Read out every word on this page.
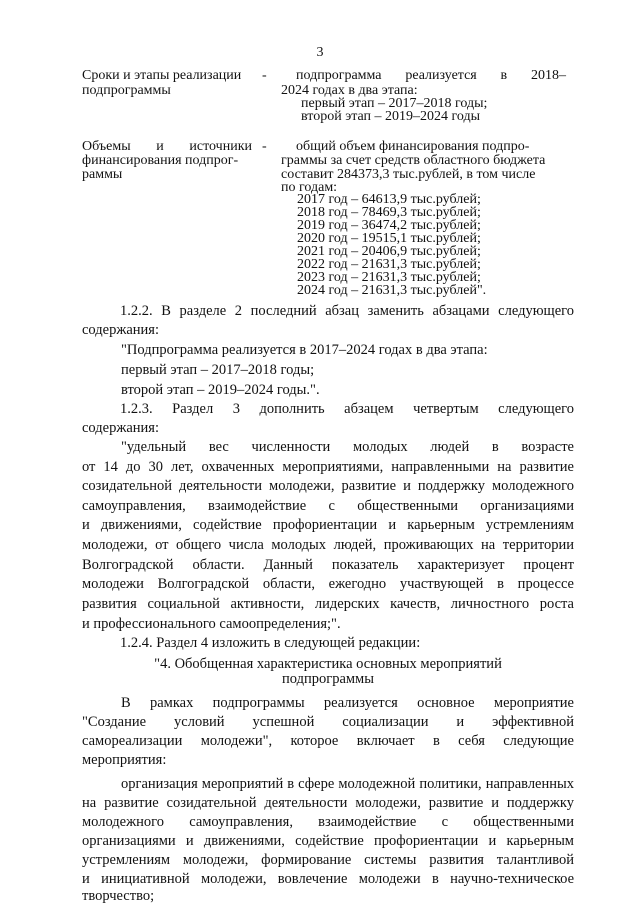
3
Сроки и этапы реализации
подпрограммы
- подпрограмма реализуется в 2018–
2024 годах в два этапа:
первый этап – 2017–2018 годы;
второй этап – 2019–2024 годы
Объемы и источники
финансирования подпрог-
раммы
- общий объем финансирования подпро-
граммы за счет средств областного бюджета
составит 284373,3 тыс.рублей, в том числе
по годам:
2017 год – 64613,9 тыс.рублей;
2018 год – 78469,3 тыс.рублей;
2019 год – 36474,2 тыс.рублей;
2020 год – 19515,1 тыс.рублей;
2021 год – 20406,9 тыс.рублей;
2022 год – 21631,3 тыс.рублей;
2023 год – 21631,3 тыс.рублей;
2024 год – 21631,3 тыс.рублей".
1.2.2. В разделе 2 последний абзац заменить абзацами следующего
содержания:
"Подпрограмма реализуется в 2017–2024 годах в два этапа:
первый этап – 2017–2018 годы;
второй этап – 2019–2024 годы.".
1.2.3. Раздел 3 дополнить абзацем четвертым следующего
содержания:
"удельный вес численности молодых людей в возрасте
от 14 до 30 лет, охваченных мероприятиями, направленными на развитие
созидательной деятельности молодежи, развитие и поддержку молодежного
самоуправления, взаимодействие с общественными организациями
и движениями, содействие профориентации и карьерным устремлениям
молодежи, от общего числа молодых людей, проживающих на территории
Волгоградской области. Данный показатель характеризует процент
молодежи Волгоградской области, ежегодно участвующей в процессе
развития социальной активности, лидерских качеств, личностного роста
и профессионального самоопределения;".
1.2.4. Раздел 4 изложить в следующей редакции:
"4. Обобщенная характеристика основных мероприятий
подпрограммы
В рамках подпрограммы реализуется основное мероприятие
"Создание условий успешной социализации и эффективной
самореализации молодежи", которое включает в себя следующие
мероприятия:
организация мероприятий в сфере молодежной политики, направленных
на развитие созидательной деятельности молодежи, развитие и поддержку
молодежного самоуправления, взаимодействие с общественными
организациями и движениями, содействие профориентации и карьерным
устремлениям молодежи, формирование системы развития талантливой
и инициативной молодежи, вовлечение молодежи в научно-техническое
творчество;
